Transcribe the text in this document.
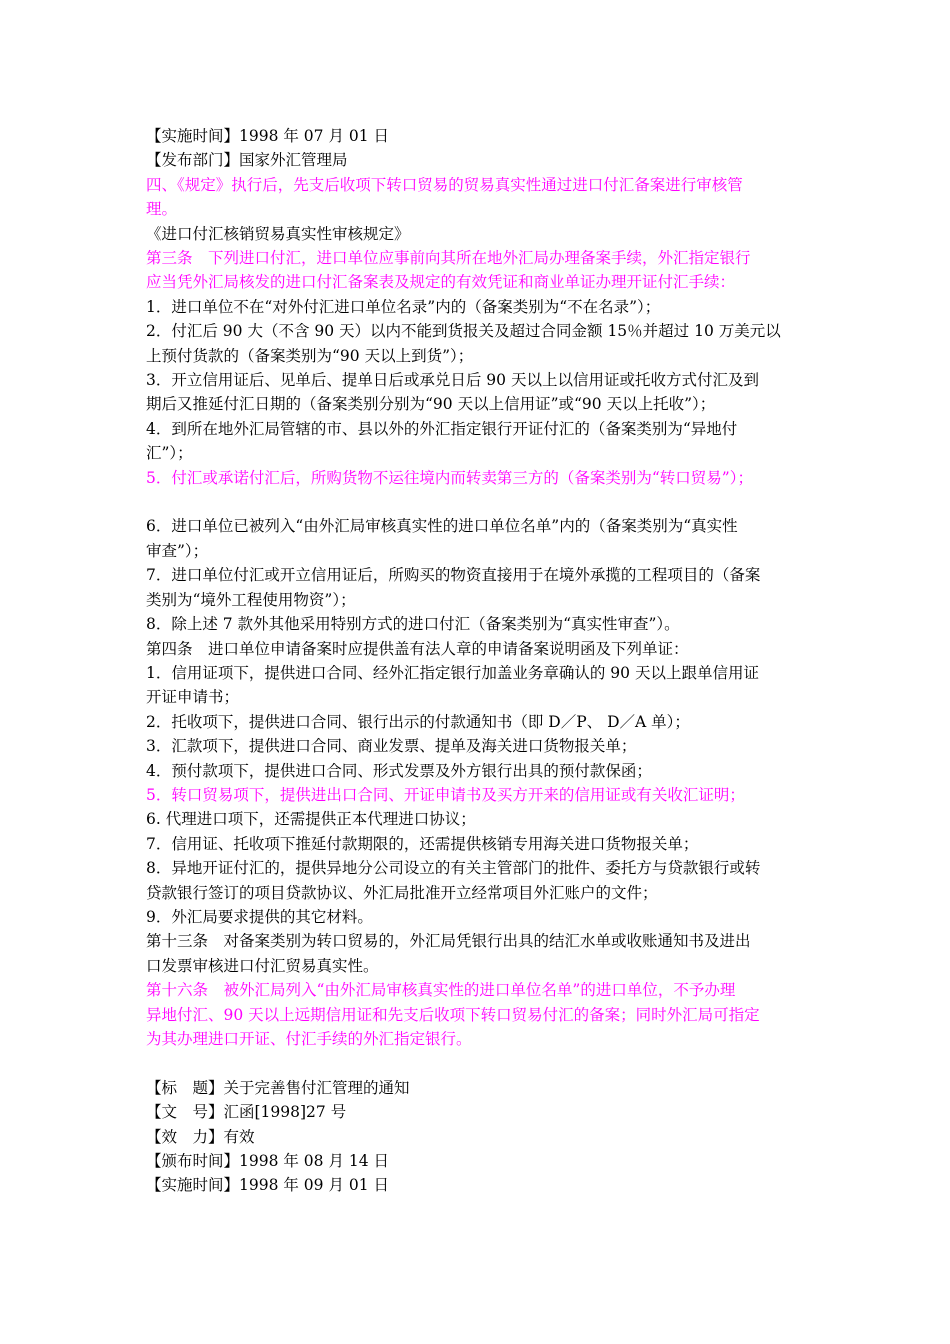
【实施时间】1998 年 07 月 01 日
【发布部门】国家外汇管理局
四、《规定》执行后，先支后收项下转口贸易的贸易真实性通过进口付汇备案进行审核管
理。
《进口付汇核销贸易真实性审核规定》
第三条　下列进口付汇，进口单位应事前向其所在地外汇局办理备案手续，外汇指定银行
应当凭外汇局核发的进口付汇备案表及规定的有效凭证和商业单证办理开证付汇手续：
1．进口单位不在“对外付汇进口单位名录”内的（备案类别为“不在名录”）；
2．付汇后 90 大（不含 90 天）以内不能到货报关及超过合同金额 15％并超过 10 万美元以
上预付货款的（备案类别为“90 天以上到货”）；
3．开立信用证后、见单后、提单日后或承兑日后 90 天以上以信用证或托收方式付汇及到
期后又推延付汇日期的（备案类别分别为“90 天以上信用证”或“90 天以上托收”）；
4．到所在地外汇局管辖的市、县以外的外汇指定银行开证付汇的（备案类别为“异地付
汇”）；
5．付汇或承诺付汇后，所购货物不运往境内而转卖第三方的（备案类别为“转口贸易”）；
6．进口单位已被列入“由外汇局审核真实性的进口单位名单”内的（备案类别为“真实性
审查”）；
7．进口单位付汇或开立信用证后，所购买的物资直接用于在境外承揽的工程项目的（备案
类别为“境外工程使用物资”）；
8．除上述 7 款外其他采用特别方式的进口付汇（备案类别为“真实性审查”）。
第四条　进口单位申请备案时应提供盖有法人章的申请备案说明函及下列单证：
1．信用证项下，提供进口合同、经外汇指定银行加盖业务章确认的 90 天以上跟单信用证
开证申请书；
2．托收项下，提供进口合同、银行出示的付款通知书（即 D／P、 D／A 单）；
3．汇款项下，提供进口合同、商业发票、提单及海关进口货物报关单；
4．预付款项下，提供进口合同、形式发票及外方银行出具的预付款保函；
5．转口贸易项下，提供进出口合同、开证申请书及买方开来的信用证或有关收汇证明；
6. 代理进口项下，还需提供正本代理进口协议；
7．信用证、托收项下推延付款期限的，还需提供核销专用海关进口货物报关单；
8．异地开证付汇的，提供异地分公司设立的有关主管部门的批件、委托方与贷款银行或转
贷款银行签订的项目贷款协议、外汇局批准开立经常项目外汇账户的文件；
9．外汇局要求提供的其它材料。
第十三条　对备案类别为转口贸易的，外汇局凭银行出具的结汇水单或收账通知书及进出
口发票审核进口付汇贸易真实性。
第十六条　被外汇局列入“由外汇局审核真实性的进口单位名单”的进口单位，不予办理
异地付汇、90 天以上远期信用证和先支后收项下转口贸易付汇的备案；同时外汇局可指定
为其办理进口开证、付汇手续的外汇指定银行。
【标　题】关于完善售付汇管理的通知
【文　号】汇函[1998]27 号
【效　力】有效
【颁布时间】1998 年 08 月 14 日
【实施时间】1998 年 09 月 01 日
